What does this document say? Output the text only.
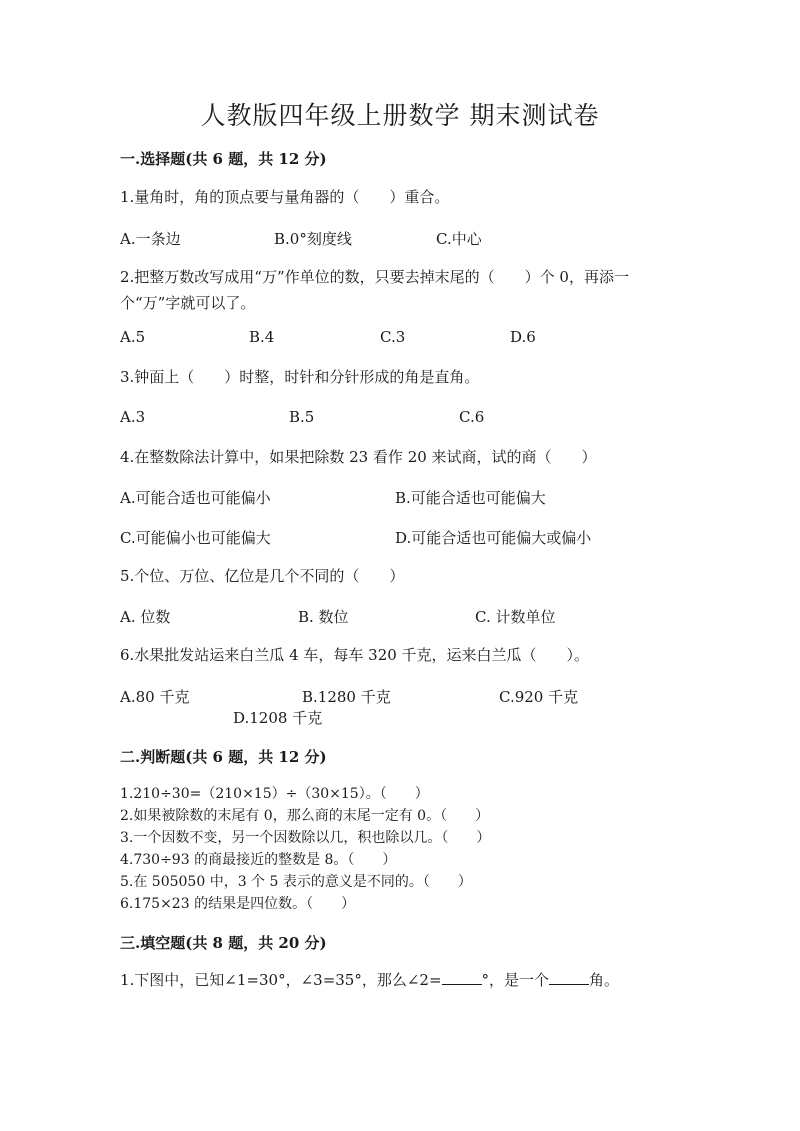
人教版四年级上册数学 期末测试卷
一.选择题(共 6 题，共 12 分)
1.量角时，角的顶点要与量角器的（　　）重合。
A.一条边	B.0°刻度线	C.中心
2.把整万数改写成用“万”作单位的数，只要去掉末尾的（　　）个 0，再添一个“万”字就可以了。
A.5	B.4	C.3	D.6
3.钟面上（　　）时整，时针和分针形成的角是直角。
A.3	B.5	C.6
4.在整数除法计算中，如果把除数 23 看作 20 来试商，试的商（　　）
A.可能合适也可能偏小	B.可能合适也可能偏大
C.可能偏小也可能偏大	D.可能合适也可能偏大或偏小
5.个位、万位、亿位是几个不同的（　　）
A. 位数	B. 数位	C. 计数单位
6.水果批发站运来白兰瓜 4 车，每车 320 千克，运来白兰瓜（　　）。
A.80 千克	B.1280 千克	C.920 千克
D.1208 千克
二.判断题(共 6 题，共 12 分)
1.210÷30=（210×15）÷（30×15）。（　　）
2.如果被除数的末尾有 0，那么商的末尾一定有 0。（　　）
3.一个因数不变，另一个因数除以几，积也除以几。（　　）
4.730÷93 的商最接近的整数是 8。（　　）
5.在 505050 中，3 个 5 表示的意义是不同的。（　　）
6.175×23 的结果是四位数。（　　）
三.填空题(共 8 题，共 20 分)
1.下图中，已知∠1=30°，∠3=35°，那么∠2=	°，是一个	角。
